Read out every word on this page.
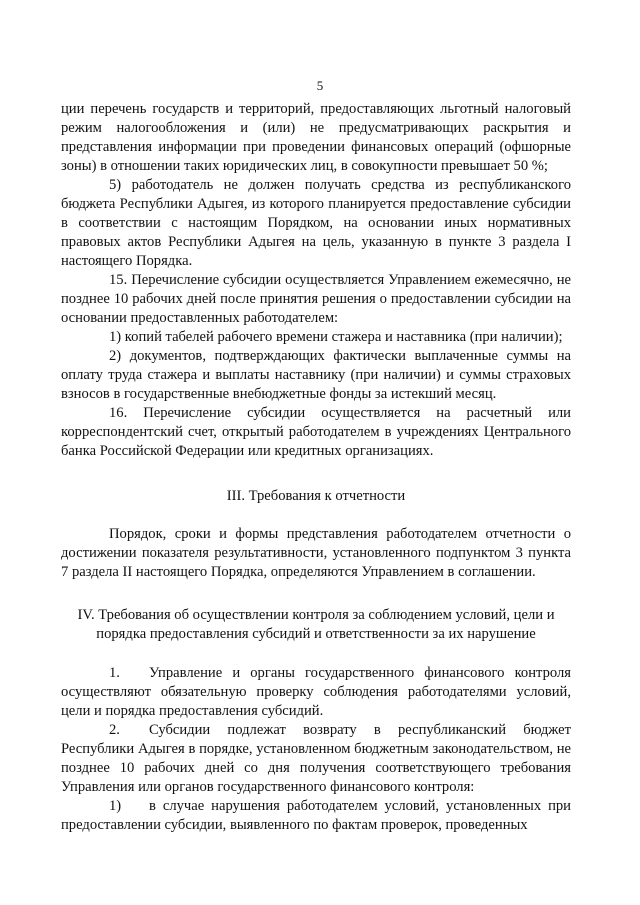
5

ции перечень государств и территорий, предоставляющих льготный налоговый режим налогообложения и (или) не предусматривающих раскрытия и представления информации при проведении финансовых операций (офшорные зоны) в отношении таких юридических лиц, в совокупности превышает 50 %;

5) работодатель не должен получать средства из республиканского бюджета Республики Адыгея, из которого планируется предоставление субсидии в соответствии с настоящим Порядком, на основании иных нормативных правовых актов Республики Адыгея на цель, указанную в пункте 3 раздела I настоящего Порядка.

15. Перечисление субсидии осуществляется Управлением ежемесячно, не позднее 10 рабочих дней после принятия решения о предоставлении субсидии на основании предоставленных работодателем:

1) копий табелей рабочего времени стажера и наставника (при наличии);

2) документов, подтверждающих фактически выплаченные суммы на оплату труда стажера и выплаты наставнику (при наличии) и суммы страховых взносов в государственные внебюджетные фонды за истекший месяц.

16. Перечисление субсидии осуществляется на расчетный или корреспондентский счет, открытый работодателем в учреждениях Центрального банка Российской Федерации или кредитных организациях.

III. Требования к отчетности

Порядок, сроки и формы представления работодателем отчетности о достижении показателя результативности, установленного подпунктом 3 пункта 7 раздела II настоящего Порядка, определяются Управлением в соглашении.

IV. Требования об осуществлении контроля за соблюдением условий, цели и

порядка предоставления субсидий и ответственности за их нарушение

1. Управление и органы государственного финансового контроля осуществляют обязательную проверку соблюдения работодателями условий, цели и порядка предоставления субсидий.

2. Субсидии подлежат возврату в республиканский бюджет Республики Адыгея в порядке, установленном бюджетным законодательством, не позднее 10 рабочих дней со дня получения соответствующего требования Управления или органов государственного финансового контроля:

1) в случае нарушения работодателем условий, установленных при предоставлении субсидии, выявленного по фактам проверок, проведенных
